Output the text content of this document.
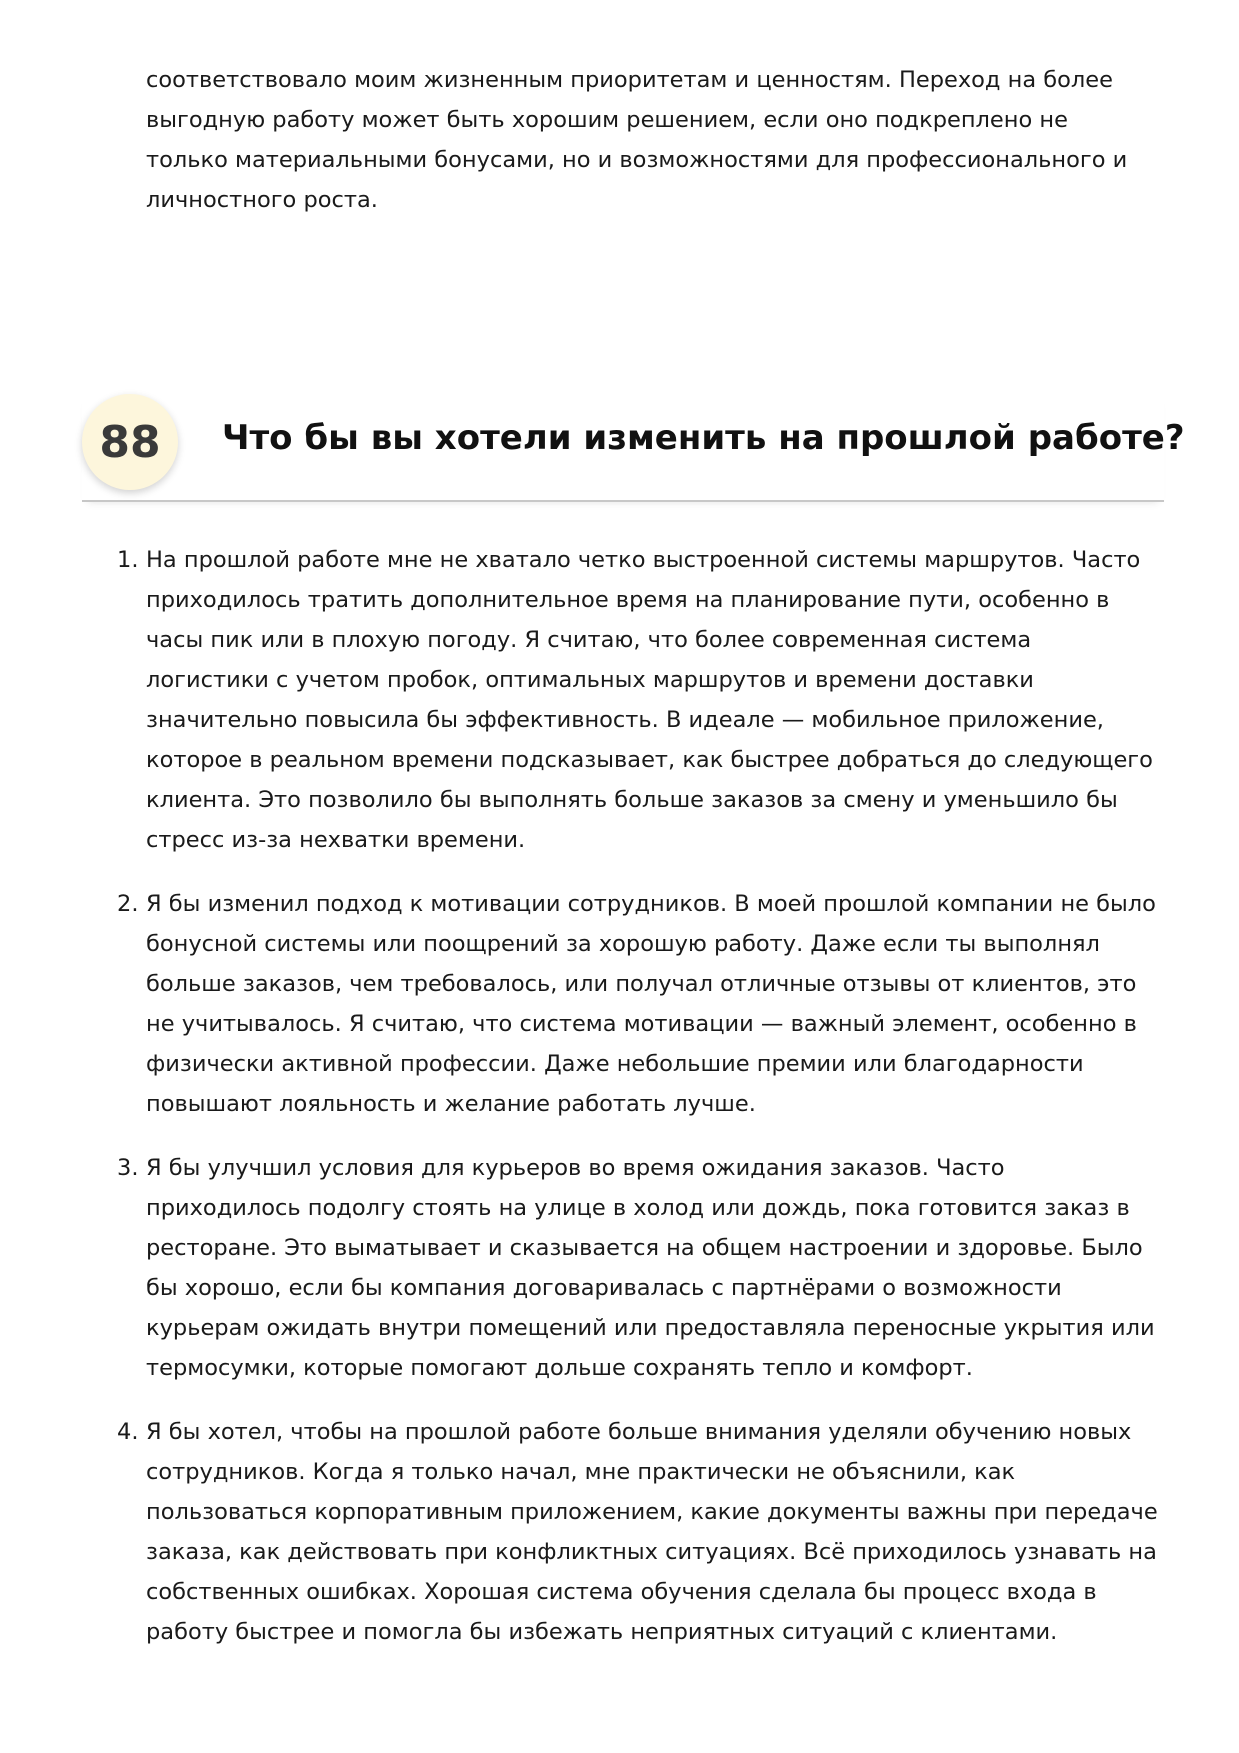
соответствовало моим жизненным приоритетам и ценностям. Переход на более выгодную работу может быть хорошим решением, если оно подкреплено не только материальными бонусами, но и возможностями для профессионального и личностного роста.

88	Что бы вы хотели изменить на прошлой работе?
1. На прошлой работе мне не хватало четко выстроенной системы маршрутов. Часто приходилось тратить дополнительное время на планирование пути, особенно в часы пик или в плохую погоду. Я считаю, что более современная система логистики с учетом пробок, оптимальных маршрутов и времени доставки значительно повысила бы эффективность. В идеале — мобильное приложение, которое в реальном времени подсказывает, как быстрее добраться до следующего клиента. Это позволило бы выполнять больше заказов за смену и уменьшило бы стресс из-за нехватки времени.
2. Я бы изменил подход к мотивации сотрудников. В моей прошлой компании не было бонусной системы или поощрений за хорошую работу. Даже если ты выполнял больше заказов, чем требовалось, или получал отличные отзывы от клиентов, это не учитывалось. Я считаю, что система мотивации — важный элемент, особенно в физически активной профессии. Даже небольшие премии или благодарности повышают лояльность и желание работать лучше.
3. Я бы улучшил условия для курьеров во время ожидания заказов. Часто приходилось подолгу стоять на улице в холод или дождь, пока готовится заказ в ресторане. Это выматывает и сказывается на общем настроении и здоровье. Было бы хорошо, если бы компания договаривалась с партнёрами о возможности курьерам ожидать внутри помещений или предоставляла переносные укрытия или термосумки, которые помогают дольше сохранять тепло и комфорт.
4. Я бы хотел, чтобы на прошлой работе больше внимания уделяли обучению новых сотрудников. Когда я только начал, мне практически не объяснили, как пользоваться корпоративным приложением, какие документы важны при передаче заказа, как действовать при конфликтных ситуациях. Всё приходилось узнавать на собственных ошибках. Хорошая система обучения сделала бы процесс входа в работу быстрее и помогла бы избежать неприятных ситуаций с клиентами.
